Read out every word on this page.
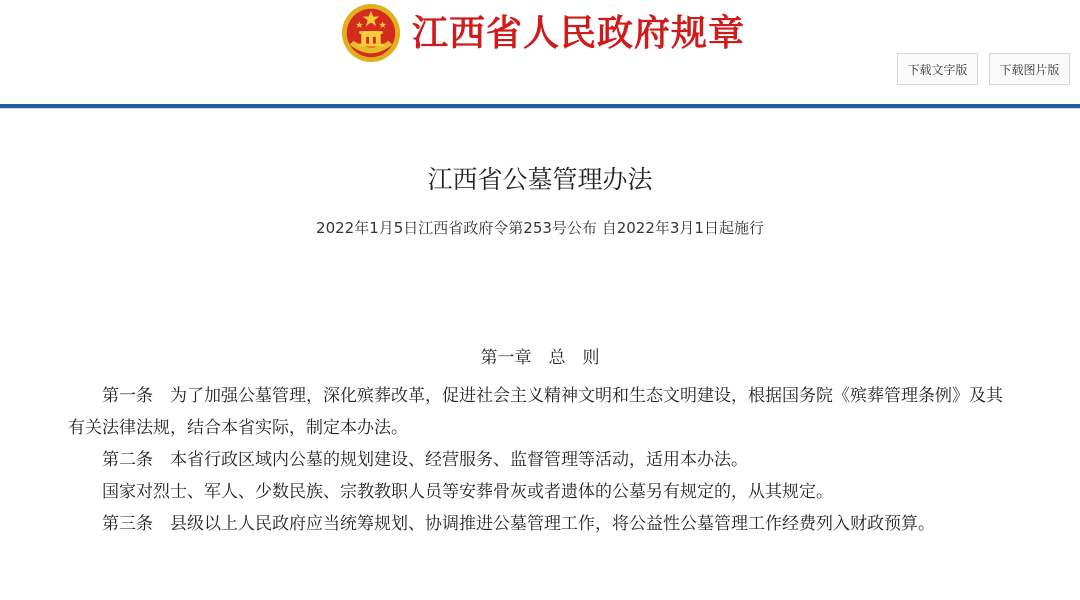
江西省人民政府规章
下载文字版	下载图片版
江西省公墓管理办法
2022年1月5日江西省政府令第253号公布 自2022年3月1日起施行
第一章　总　则

第一条　为了加强公墓管理，深化殡葬改革，促进社会主义精神文明和生态文明建设，根据国务院《殡葬管理条例》及其有关法律法规，结合本省实际，制定本办法。

第二条　本省行政区域内公墓的规划建设、经营服务、监督管理等活动，适用本办法。

国家对烈士、军人、少数民族、宗教教职人员等安葬骨灰或者遗体的公墓另有规定的，从其规定。

第三条　县级以上人民政府应当统筹规划、协调推进公墓管理工作，将公益性公墓管理工作经费列入财政预算。
